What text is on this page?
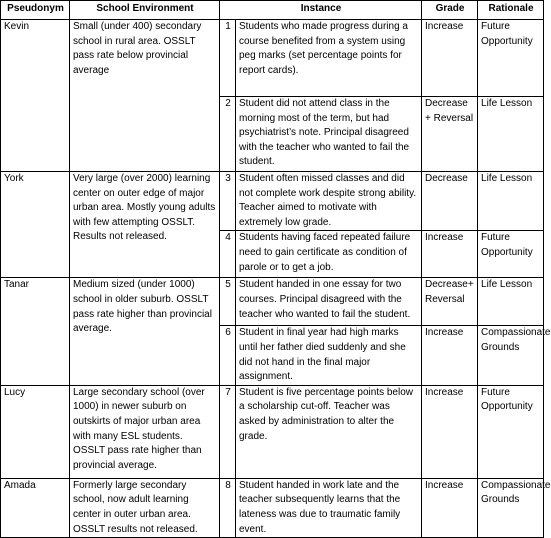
Pseudonym	School Environment	Instance		Grade	Rationale
Kevin	Small (under 400) secondary school in rural area. OSSLT pass rate below provincial average	1	Students who made progress during a course benefited from a system using peg marks (set percentage points for report cards).	Increase	Future Opportunity
		2	Student did not attend class in the morning most of the term, but had psychiatrist’s note. Principal disagreed with the teacher who wanted to fail the student.	Decrease + Reversal	Life Lesson
York	Very large (over 2000) learning center on outer edge of major urban area. Mostly young adults with few attempting OSSLT. Results not released.	3	Student often missed classes and did not complete work despite strong ability. Teacher aimed to motivate with extremely low grade.	Decrease	Life Lesson
		4	Students having faced repeated failure need to gain certificate as condition of parole or to get a job.	Increase	Future Opportunity
Tanar	Medium sized (under 1000) school in older suburb. OSSLT pass rate higher than provincial average.	5	Student handed in one essay for two courses. Principal disagreed with the teacher who wanted to fail the student.	Decrease+ Reversal	Life Lesson
		6	Student in final year had high marks until her father died suddenly and she did not hand in the final major assignment.	Increase	Compassionate Grounds
Lucy	Large secondary school (over 1000) in newer suburb on outskirts of major urban area with many ESL students. OSSLT pass rate higher than provincial average.	7	Student is five percentage points below a scholarship cut-off. Teacher was asked by administration to alter the grade.	Increase	Future Opportunity
Amada	Formerly large secondary school, now adult learning center in outer urban area. OSSLT results not released.	8	Student handed in work late and the teacher subsequently learns that the lateness was due to traumatic family event.	Increase	Compassionate Grounds
